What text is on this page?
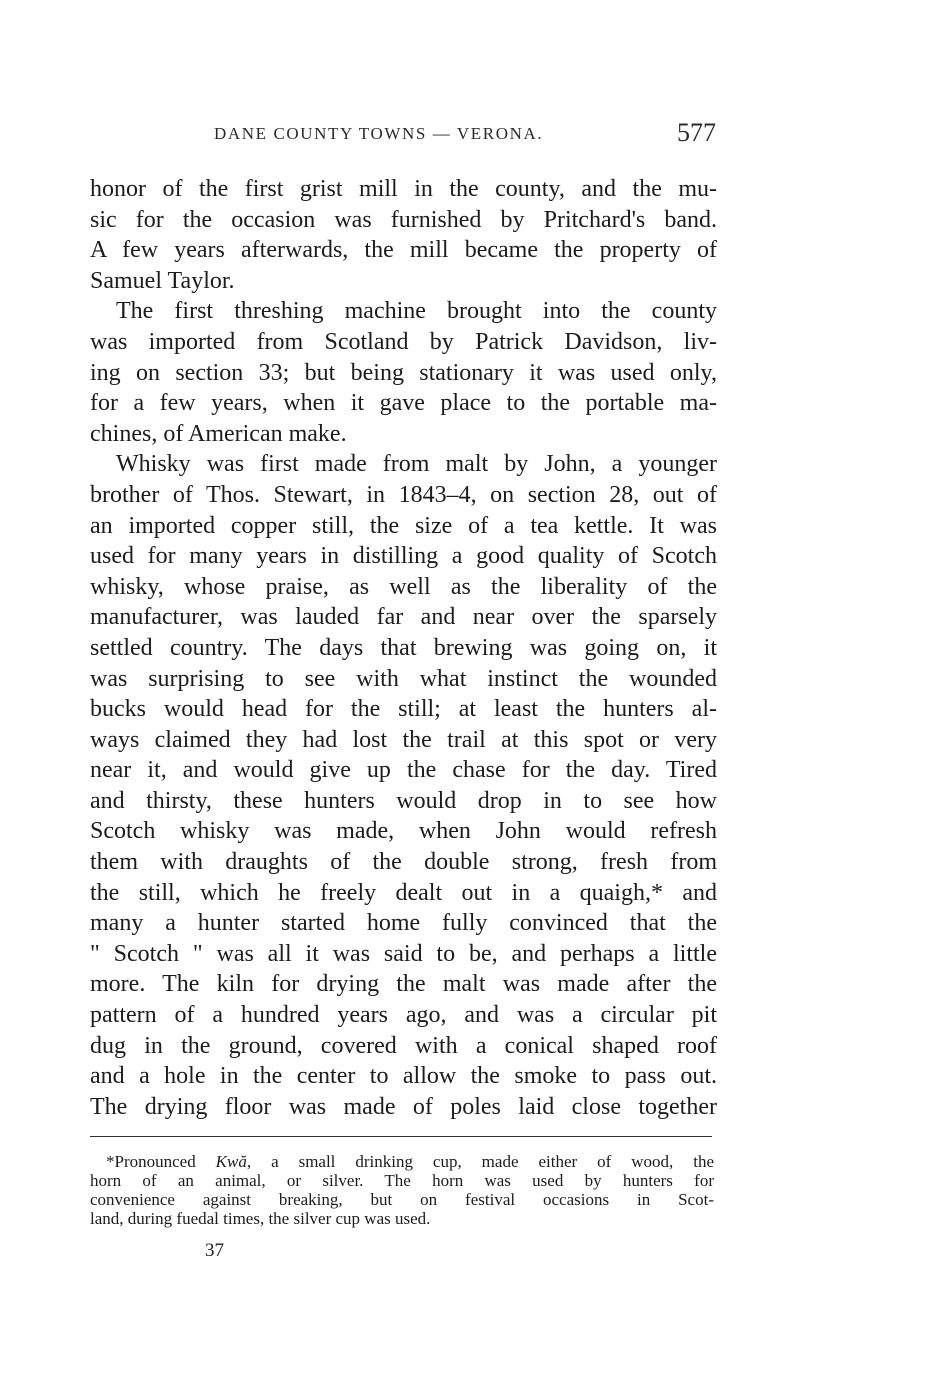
DANE COUNTY TOWNS — VERONA.	577
honor of the first grist mill in the county, and the mu-
sic for the occasion was furnished by Pritchard's band.
A few years afterwards, the mill became the property of
Samuel Taylor.
The first threshing machine brought into the county
was imported from Scotland by Patrick Davidson, liv-
ing on section 33; but being stationary it was used only,
for a few years, when it gave place to the portable ma-
chines, of American make.
Whisky was first made from malt by John, a younger
brother of Thos. Stewart, in 1843–4, on section 28, out of
an imported copper still, the size of a tea kettle. It was
used for many years in distilling a good quality of Scotch
whisky, whose praise, as well as the liberality of the
manufacturer, was lauded far and near over the sparsely
settled country. The days that brewing was going on, it
was surprising to see with what instinct the wounded
bucks would head for the still; at least the hunters al-
ways claimed they had lost the trail at this spot or very
near it, and would give up the chase for the day. Tired
and thirsty, these hunters would drop in to see how
Scotch whisky was made, when John would refresh
them with draughts of the double strong, fresh from
the still, which he freely dealt out in a quaigh,* and
many a hunter started home fully convinced that the
" Scotch " was all it was said to be, and perhaps a little
more. The kiln for drying the malt was made after the
pattern of a hundred years ago, and was a circular pit
dug in the ground, covered with a conical shaped roof
and a hole in the center to allow the smoke to pass out.
The drying floor was made of poles laid close together
*Pronounced Kwă, a small drinking cup, made either of wood, the
horn of an animal, or silver. The horn was used by hunters for
convenience against breaking, but on festival occasions in Scot-
land, during fuedal times, the silver cup was used.
37
